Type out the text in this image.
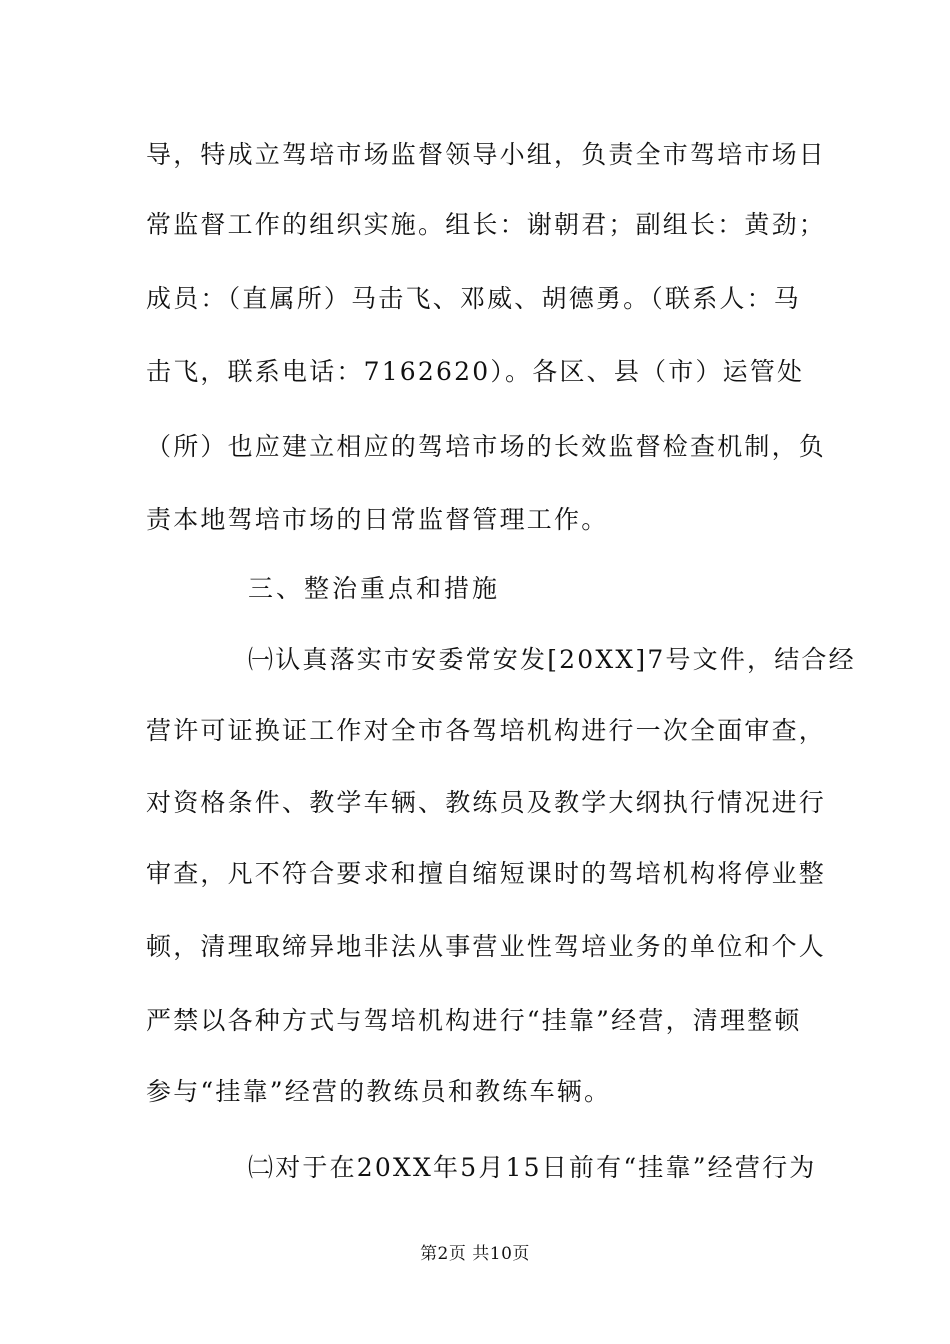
导，特成立驾培市场监督领导小组，负责全市驾培市场日
常监督工作的组织实施。组长：谢朝君；副组长：黄劲；
成员：（直属所）马击飞、邓威、胡德勇。（联系人：马
击飞，联系电话：7162620）。各区、县（市）运管处
（所）也应建立相应的驾培市场的长效监督检查机制，负
责本地驾培市场的日常监督管理工作。
三、整治重点和措施
㈠认真落实市安委常安发[20XX]7号文件，结合经
营许可证换证工作对全市各驾培机构进行一次全面审查，
对资格条件、教学车辆、教练员及教学大纲执行情况进行
审查，凡不符合要求和擅自缩短课时的驾培机构将停业整
顿，清理取缔异地非法从事营业性驾培业务的单位和个人
严禁以各种方式与驾培机构进行“挂靠”经营，清理整顿
参与“挂靠”经营的教练员和教练车辆。
㈡对于在20XX年5月15日前有“挂靠”经营行为
第2页 共10页
